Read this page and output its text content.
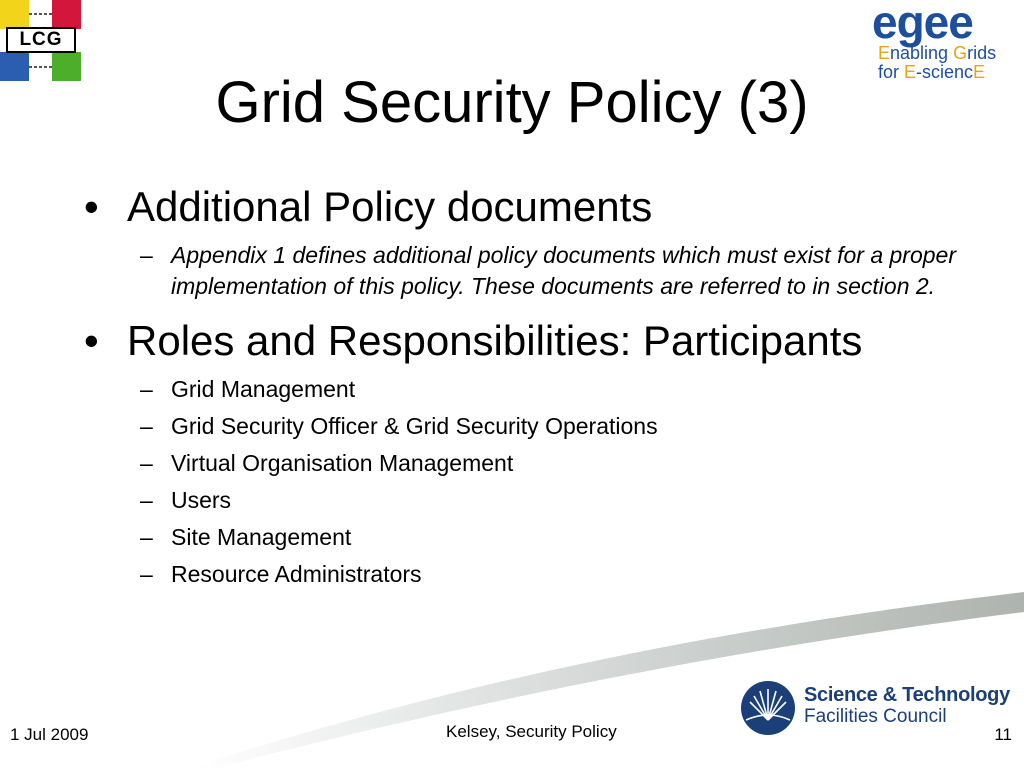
LCG	egee
Enabling Grids
for E-sciencE
Grid Security Policy (3)
• Additional Policy documents
– Appendix 1 defines additional policy documents which must exist for a proper implementation of this policy. These documents are referred to in section 2.
• Roles and Responsibilities: Participants
– Grid Management
– Grid Security Officer & Grid Security Operations
– Virtual Organisation Management
– Users
– Site Management
– Resource Administrators
Science & Technology
Facilities Council
1 Jul 2009	Kelsey, Security Policy	11
